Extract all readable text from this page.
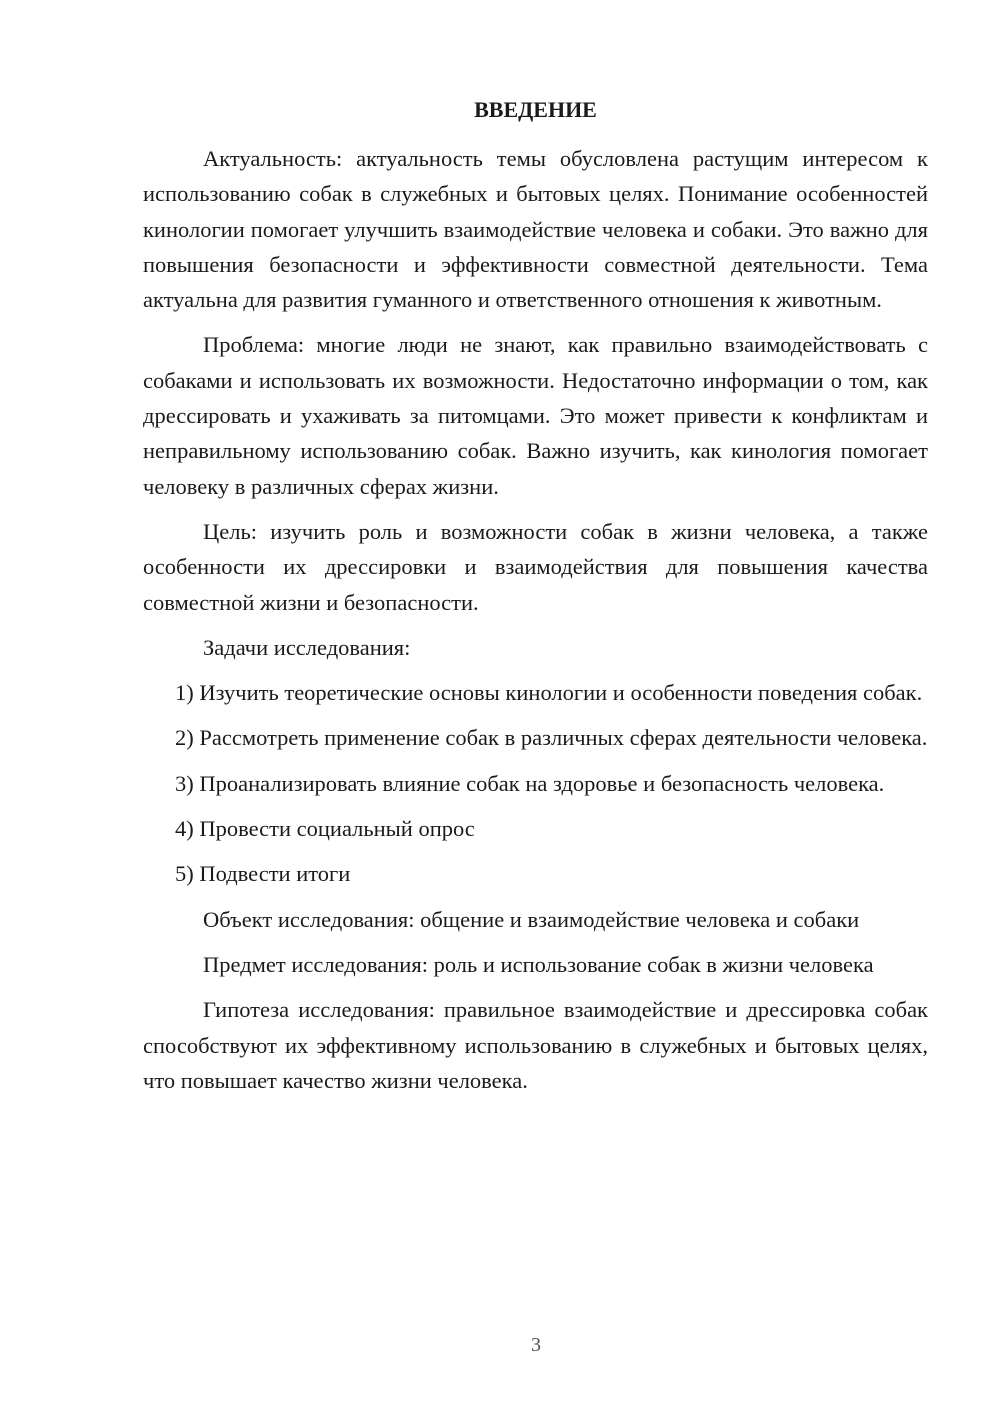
ВВЕДЕНИЕ

Актуальность: актуальность темы обусловлена растущим интересом к использованию собак в служебных и бытовых целях. Понимание особенностей кинологии помогает улучшить взаимодействие человека и собаки. Это важно для повышения безопасности и эффективности совместной деятельности. Тема актуальна для развития гуманного и ответственного отношения к животным.

Проблема: многие люди не знают, как правильно взаимодействовать с собаками и использовать их возможности. Недостаточно информации о том, как дрессировать и ухаживать за питомцами. Это может привести к конфликтам и неправильному использованию собак. Важно изучить, как кинология помогает человеку в различных сферах жизни.

Цель: изучить роль и возможности собак в жизни человека, а также особенности их дрессировки и взаимодействия для повышения качества совместной жизни и безопасности.

Задачи исследования:

1) Изучить теоретические основы кинологии и особенности поведения собак.

2) Рассмотреть применение собак в различных сферах деятельности человека.

3) Проанализировать влияние собак на здоровье и безопасность человека.

4) Провести социальный опрос

5) Подвести итоги

Объект исследования: общение и взаимодействие человека и собаки

Предмет исследования: роль и использование собак в жизни человека

Гипотеза исследования: правильное взаимодействие и дрессировка собак способствуют их эффективному использованию в служебных и бытовых целях, что повышает качество жизни человека.

3
